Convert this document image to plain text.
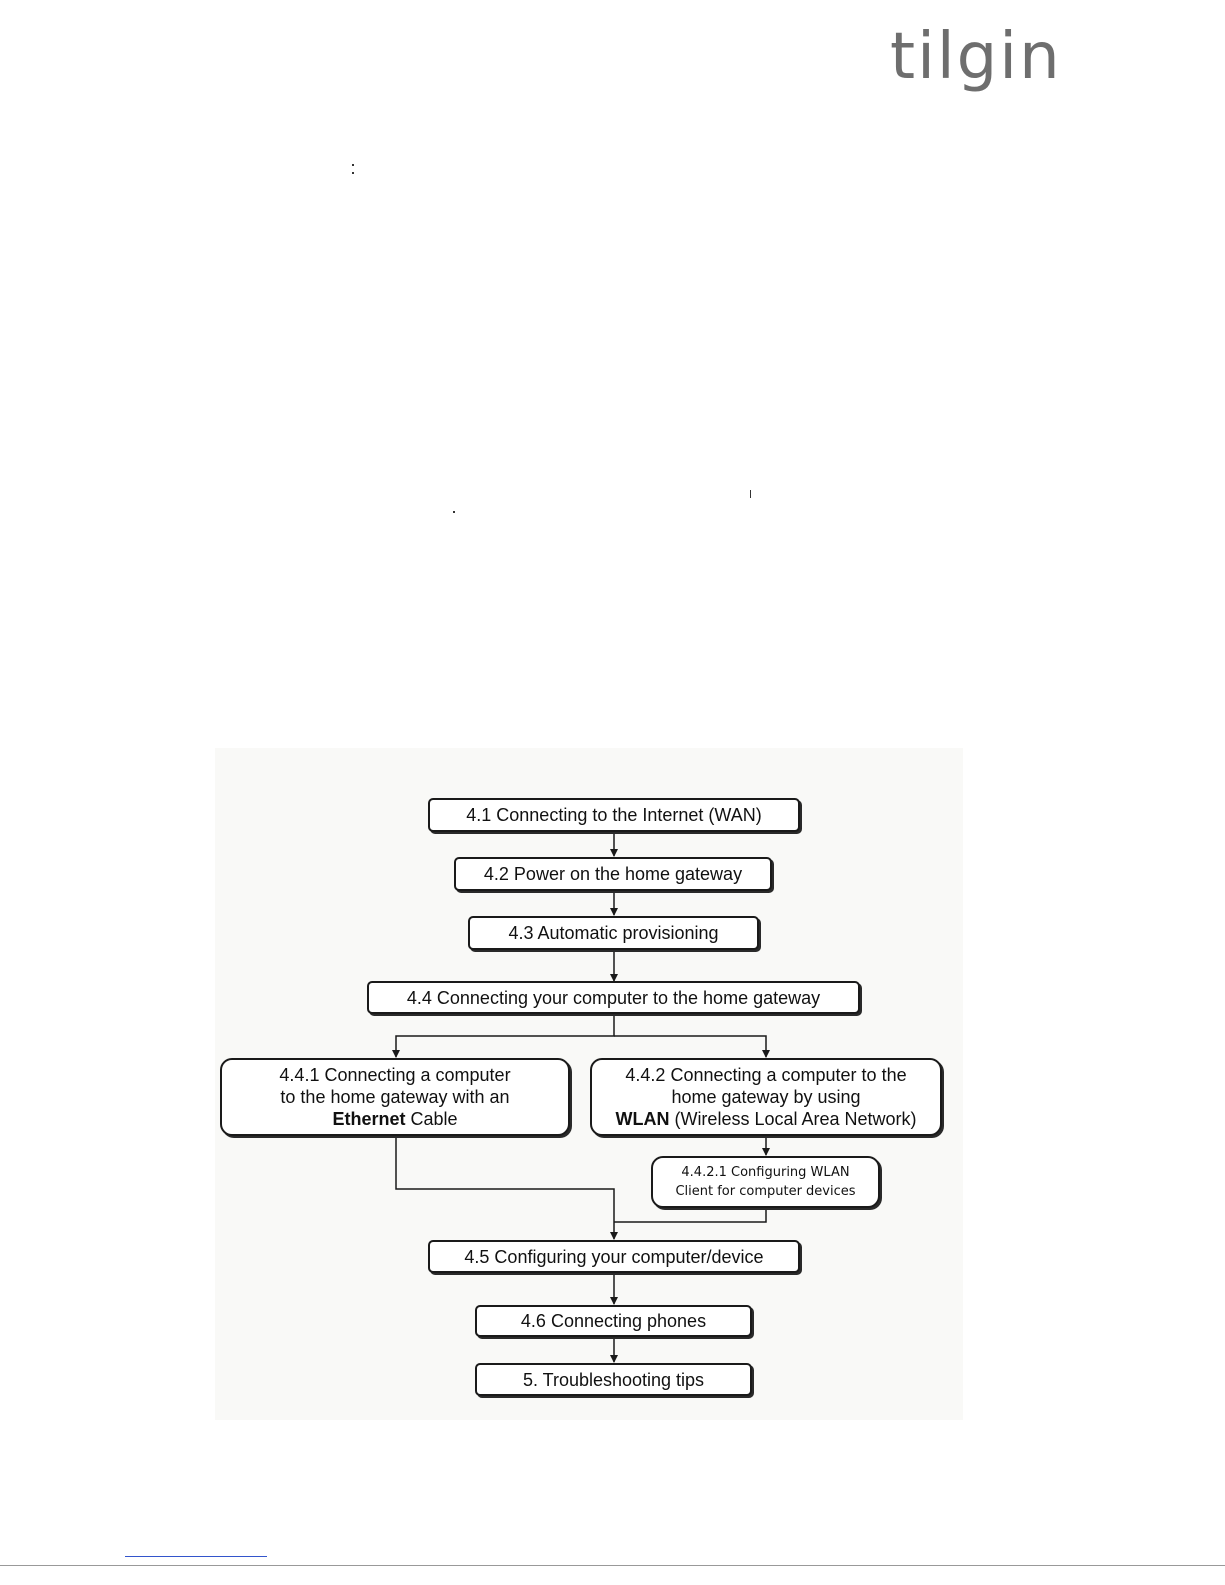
tilgin
4.1 Connecting to the Internet (WAN)
4.2 Power on the home gateway
4.3 Automatic provisioning
4.4 Connecting your computer to the home gateway
4.4.1 Connecting a computer
to the home gateway with an
Ethernet Cable
4.4.2 Connecting a computer to the
home gateway by using
WLAN (Wireless Local Area Network)
4.4.2.1 Configuring WLAN
Client for computer devices
4.5 Configuring your computer/device
4.6 Connecting phones
5. Troubleshooting tips
